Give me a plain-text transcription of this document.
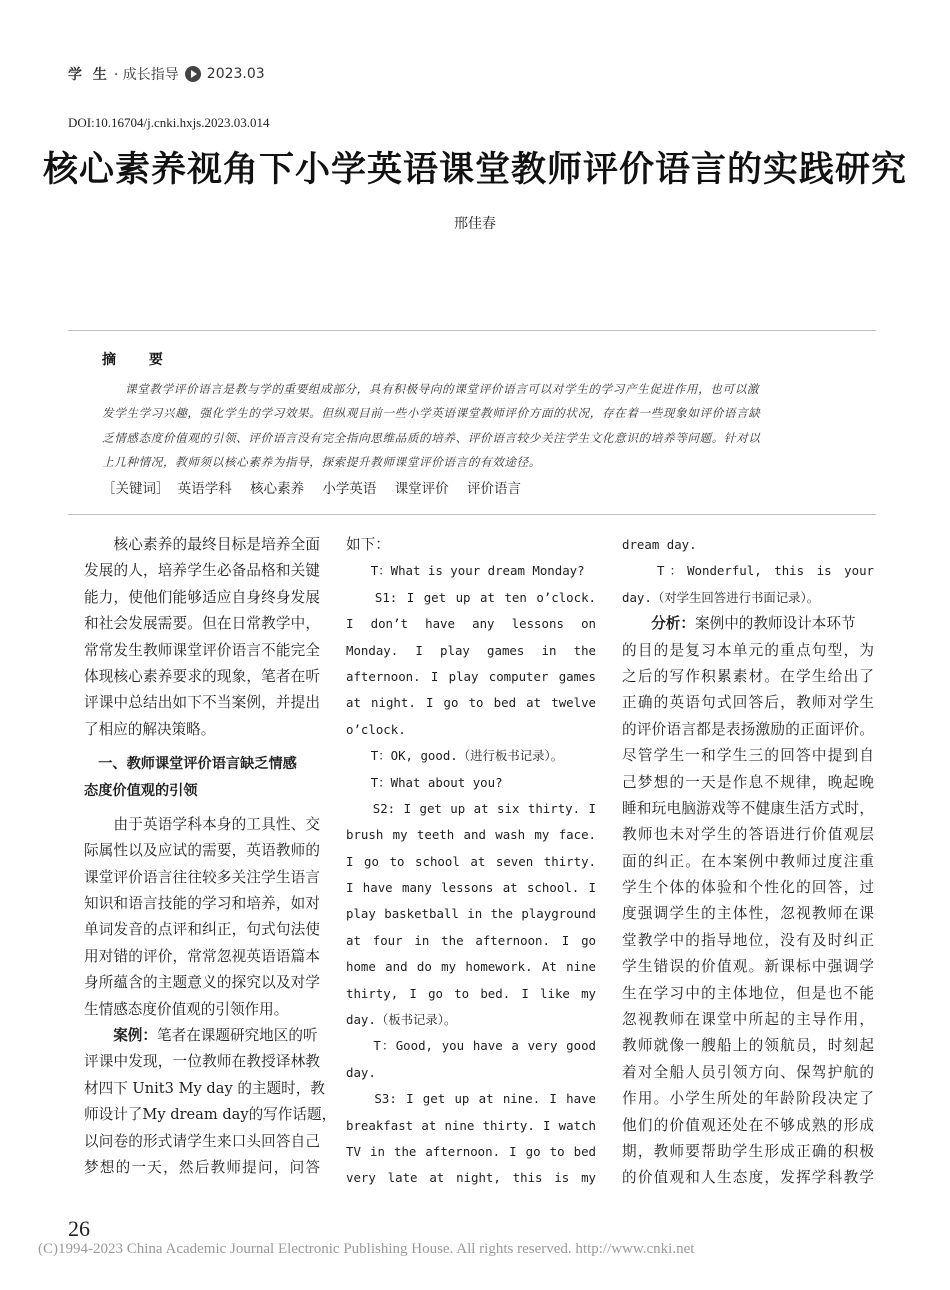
学 生 · 成长指导 2023.03
DOI:10.16704/j.cnki.hxjs.2023.03.014
核心素养视角下小学英语课堂教师评价语言的实践研究
邢佳春
摘 要
课堂教学评价语言是教与学的重要组成部分，具有积极导向的课堂评价语言可以对学生的学习产生促进作用，也可以激
发学生学习兴趣，强化学生的学习效果。但纵观目前一些小学英语课堂教师评价方面的状况，存在着一些现象如评价语言缺
乏情感态度价值观的引领、评价语言没有完全指向思维品质的培养、评价语言较少关注学生文化意识的培养等问题。针对以
上几种情况，教师须以核心素养为指导，探索提升教师课堂评价语言的有效途径。
［关键词］ 英语学科 核心素养 小学英语 课堂评价 评价语言
　　核心素养的最终目标是培养全面
发展的人，培养学生必备品格和关键
能力，使他们能够适应自身终身发展
和社会发展需要。但在日常教学中，
常常发生教师课堂评价语言不能完全
体现核心素养要求的现象，笔者在听
评课中总结出如下不当案例，并提出
了相应的解决策略。
　一、教师课堂评价语言缺乏情感
态度价值观的引领
　　由于英语学科本身的工具性、交
际属性以及应试的需要，英语教师的
课堂评价语言往往较多关注学生语言
知识和语言技能的学习和培养，如对
单词发音的点评和纠正，句式句法使
用对错的评价，常常忽视英语语篇本
身所蕴含的主题意义的探究以及对学
生情感态度价值观的引领作用。
　　案例：笔者在课题研究地区的听
评课中发现，一位教师在教授译林教
材四下 Unit3 My day 的主题时，教
师设计了My dream day的写作话题，
以问卷的形式请学生来口头回答自己
梦想的一天，然后教师提问，问答
如下：
　　T：What is your dream Monday?
　　S1: I get up at ten o’clock.
I don’t have any lessons on
Monday. I play games in the
afternoon. I play computer games
at night. I go to bed at twelve
o’clock.
　　T：OK, good.（进行板书记录）。
　　T：What about you?
　　S2: I get up at six thirty. I
brush my teeth and wash my face.
I go to school at seven thirty.
I have many lessons at school. I
play basketball in the playground
at four in the afternoon. I go
home and do my homework. At nine
thirty, I go to bed. I like my
day.（板书记录）。
　　T：Good, you have a very good
day.
　　S3: I get up at nine. I have
breakfast at nine thirty. I watch
TV in the afternoon. I go to bed
very late at night, this is my
dream day.
　　T：Wonderful, this is your
day.（对学生回答进行书面记录）。
　　分析：案例中的教师设计本环节
的目的是复习本单元的重点句型，为
之后的写作积累素材。在学生给出了
正确的英语句式回答后，教师对学生
的评价语言都是表扬激励的正面评价。
尽管学生一和学生三的回答中提到自
己梦想的一天是作息不规律，晚起晚
睡和玩电脑游戏等不健康生活方式时，
教师也未对学生的答语进行价值观层
面的纠正。在本案例中教师过度注重
学生个体的体验和个性化的回答，过
度强调学生的主体性，忽视教师在课
堂教学中的指导地位，没有及时纠正
学生错误的价值观。新课标中强调学
生在学习中的主体地位，但是也不能
忽视教师在课堂中所起的主导作用，
教师就像一艘船上的领航员，时刻起
着对全船人员引领方向、保驾护航的
作用。小学生所处的年龄阶段决定了
他们的价值观还处在不够成熟的形成
期，教师要帮助学生形成正确的积极
的价值观和人生态度，发挥学科教学
26
(C)1994-2023 China Academic Journal Electronic Publishing House. All rights reserved. http://www.cnki.net
